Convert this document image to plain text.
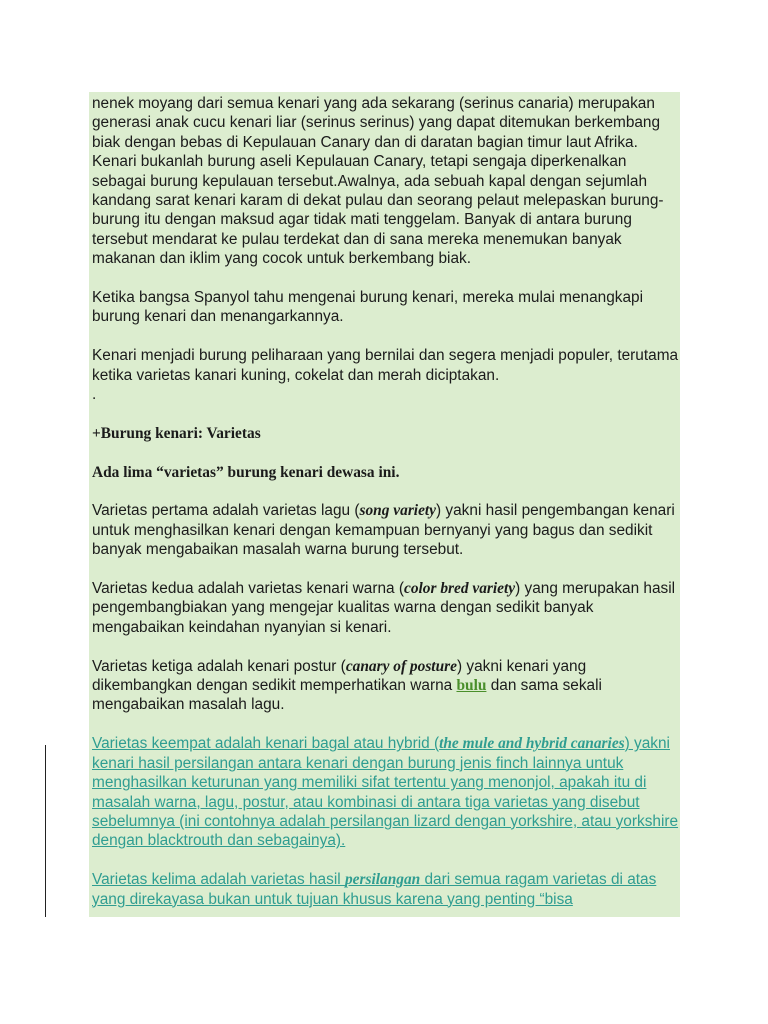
nenek moyang dari semua kenari yang ada sekarang (serinus canaria) merupakan generasi anak cucu kenari liar (serinus serinus) yang dapat ditemukan berkembang biak dengan bebas di Kepulauan Canary dan di daratan bagian timur laut Afrika. Kenari bukanlah burung aseli Kepulauan Canary, tetapi sengaja diperkenalkan sebagai burung kepulauan tersebut.Awalnya, ada sebuah kapal dengan sejumlah kandang sarat kenari karam di dekat pulau dan seorang pelaut melepaskan burung-burung itu dengan maksud agar tidak mati tenggelam. Banyak di antara burung tersebut mendarat ke pulau terdekat dan di sana mereka menemukan banyak makanan dan iklim yang cocok untuk berkembang biak.

Ketika bangsa Spanyol tahu mengenai burung kenari, mereka mulai menangkapi burung kenari dan menangarkannya.

Kenari menjadi burung peliharaan yang bernilai dan segera menjadi populer, terutama ketika varietas kanari kuning, cokelat dan merah diciptakan.

.

+Burung kenari: Varietas

Ada lima “varietas” burung kenari dewasa ini.

Varietas pertama adalah varietas lagu (song variety) yakni hasil pengembangan kenari untuk menghasilkan kenari dengan kemampuan bernyanyi yang bagus dan sedikit banyak mengabaikan masalah warna burung tersebut.

Varietas kedua adalah varietas kenari warna (color bred variety) yang merupakan hasil pengembangbiakan yang mengejar kualitas warna dengan sedikit banyak mengabaikan keindahan nyanyian si kenari.

Varietas ketiga adalah kenari postur (canary of posture) yakni kenari yang dikembangkan dengan sedikit memperhatikan warna bulu dan sama sekali mengabaikan masalah lagu.

Varietas keempat adalah kenari bagal atau hybrid (the mule and hybrid canaries) yakni kenari hasil persilangan antara kenari dengan burung jenis finch lainnya untuk menghasilkan keturunan yang memiliki sifat tertentu yang menonjol, apakah itu di masalah warna, lagu, postur, atau kombinasi di antara tiga varietas yang disebut sebelumnya (ini contohnya adalah persilangan lizard dengan yorkshire, atau yorkshire dengan blacktrouth dan sebagainya).

Varietas kelima adalah varietas hasil persilangan dari semua ragam varietas di atas yang direkayasa bukan untuk tujuan khusus karena yang penting “bisa
